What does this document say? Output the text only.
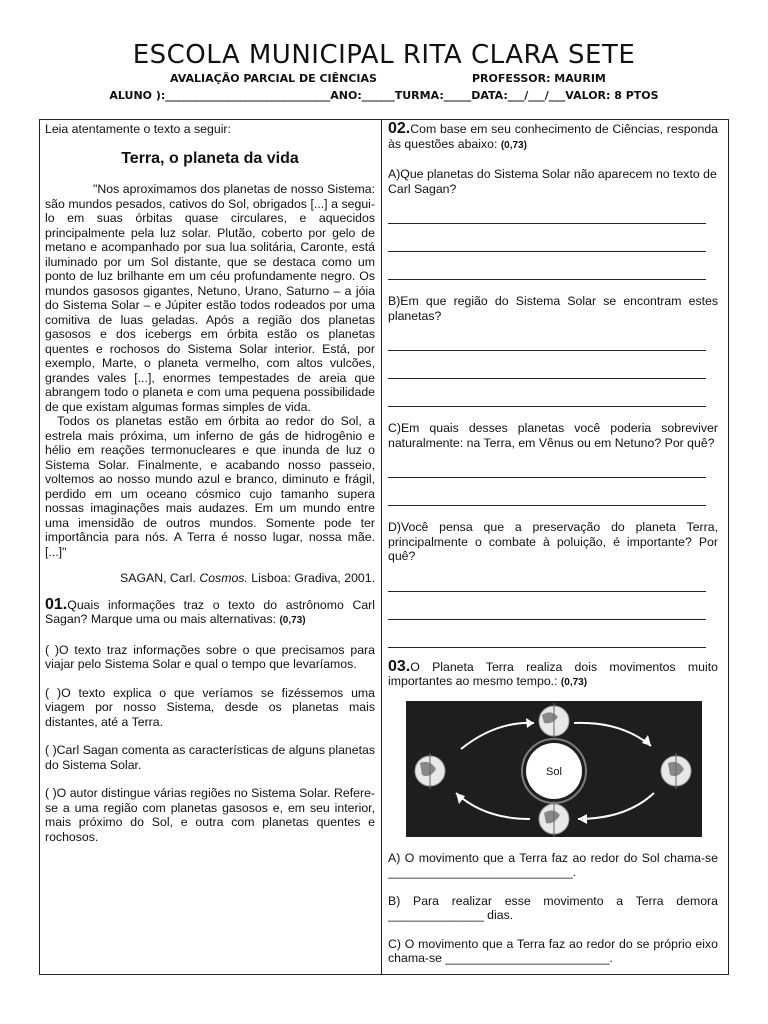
ESCOLA MUNICIPAL RITA CLARA SETE
AVALIAÇÃO PARCIAL DE CIÊNCIAS	PROFESSOR: MAURIM
ALUNO ):______________________________ANO:______TURMA:_____DATA:___/___/___VALOR: 8 PTOS

Leia atentamente o texto a seguir:

Terra, o planeta da vida

"Nos aproximamos dos planetas de nosso Sistema: são mundos pesados, cativos do Sol, obrigados [...] a segui-lo em suas órbitas quase circulares, e aquecidos principalmente pela luz solar. Plutão, coberto por gelo de metano e acompanhado por sua lua solitária, Caronte, está iluminado por um Sol distante, que se destaca como um ponto de luz brilhante em um céu profundamente negro. Os mundos gasosos gigantes, Netuno, Urano, Saturno – a jóia do Sistema Solar – e Júpiter estão todos rodeados por uma comitiva de luas geladas. Após a região dos planetas gasosos e dos icebergs em órbita estão os planetas quentes e rochosos do Sistema Solar interior. Está, por exemplo, Marte, o planeta vermelho, com altos vulcões, grandes vales [...], enormes tempestades de areia que abrangem todo o planeta e com uma pequena possibilidade de que existam algumas formas simples de vida.

Todos os planetas estão em órbita ao redor do Sol, a estrela mais próxima, um inferno de gás de hidrogênio e hélio em reações termonucleares e que inunda de luz o Sistema Solar. Finalmente, e acabando nosso passeio, voltemos ao nosso mundo azul e branco, diminuto e frágil, perdido em um oceano cósmico cujo tamanho supera nossas imaginações mais audazes. Em um mundo entre uma imensidão de outros mundos. Somente pode ter importância para nós. A Terra é nosso lugar, nossa mãe. [...]"

SAGAN, Carl. Cosmos. Lisboa: Gradiva, 2001.

01.Quais informações traz o texto do astrônomo Carl Sagan? Marque uma ou mais alternativas: (0,73)

( )O texto traz informações sobre o que precisamos para viajar pelo Sistema Solar e qual o tempo que levaríamos.

( )O texto explica o que veríamos se fizéssemos uma viagem por nosso Sistema, desde os planetas mais distantes, até a Terra.

( )Carl Sagan comenta as características de alguns planetas do Sistema Solar.

( )O autor distingue várias regiões no Sistema Solar. Refere-se a uma região com planetas gasosos e, em seu interior, mais próximo do Sol, e outra com planetas quentes e rochosos.

02.Com base em seu conhecimento de Ciências, responda às questões abaixo: (0,73)

A)Que planetas do Sistema Solar não aparecem no texto de Carl Sagan?

B)Em que região do Sistema Solar se encontram estes planetas?

C)Em quais desses planetas você poderia sobreviver naturalmente: na Terra, em Vênus ou em Netuno? Por quê?

D)Você pensa que a preservação do planeta Terra, principalmente o combate à poluição, é importante? Por quê?

03.O Planeta Terra realiza dois movimentos muito importantes ao mesmo tempo.: (0,73)

Sol

A) O movimento que a Terra faz ao redor do Sol chama-se ___________________________.

B) Para realizar esse movimento a Terra demora ______________ dias.

C) O movimento que a Terra faz ao redor do se próprio eixo chama-se ________________________.
